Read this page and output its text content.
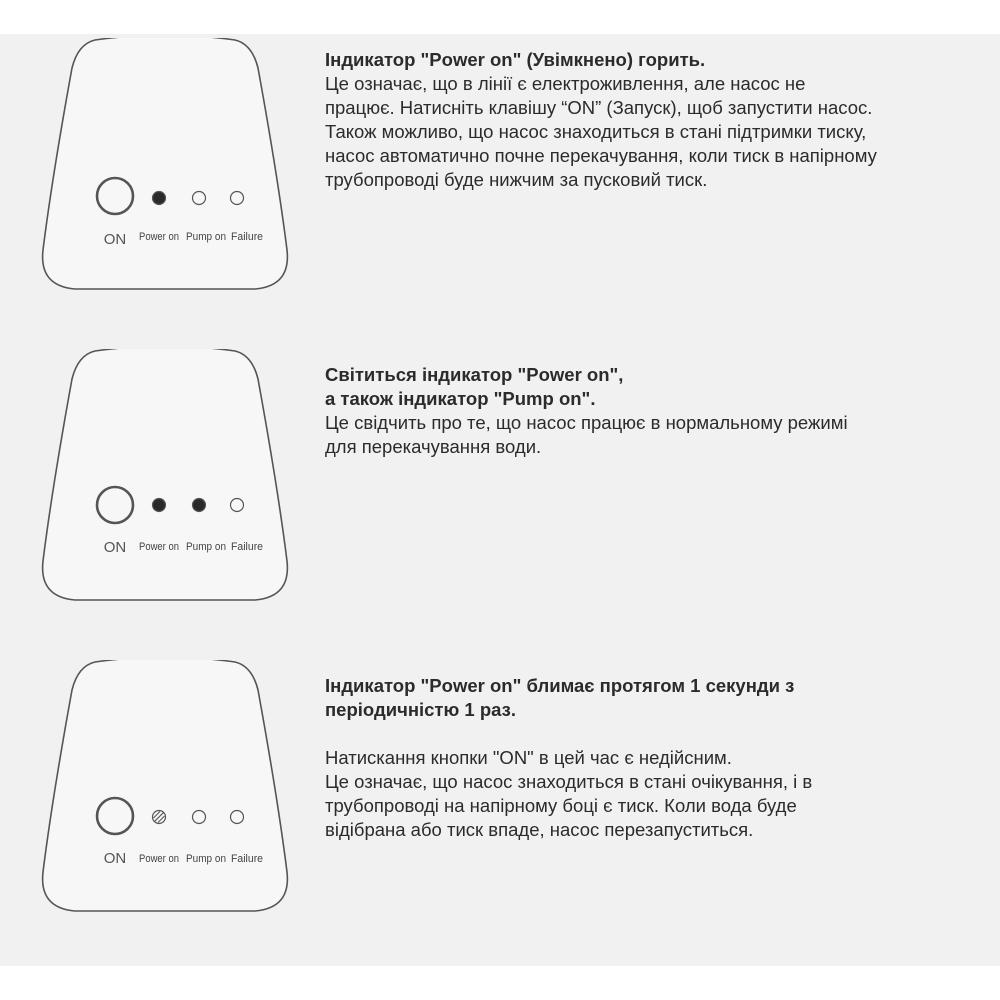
ON Power on Pump on Failure
Індикатор "Power on" (Увімкнено) горить.
Це означає, що в лінії є електроживлення, але насос не
працює. Натисніть клавішу “ON” (Запуск), щоб запустити насос.
Також можливо, що насос знаходиться в стані підтримки тиску,
насос автоматично почне перекачування, коли тиск в напірному
трубопроводі буде нижчим за пусковий тиск.
ON Power on Pump on Failure
Світиться індикатор "Power on",
а також індикатор "Pump on".
Це свідчить про те, що насос працює в нормальному режимі
для перекачування води.
ON Power on Pump on Failure
Індикатор "Power on" блимає протягом 1 секунди з
періодичністю 1 раз.
Натискання кнопки "ON" в цей час є недійсним.
Це означає, що насос знаходиться в стані очікування, і в
трубопроводі на напірному боці є тиск. Коли вода буде
відібрана або тиск впаде, насос перезапуститься.
